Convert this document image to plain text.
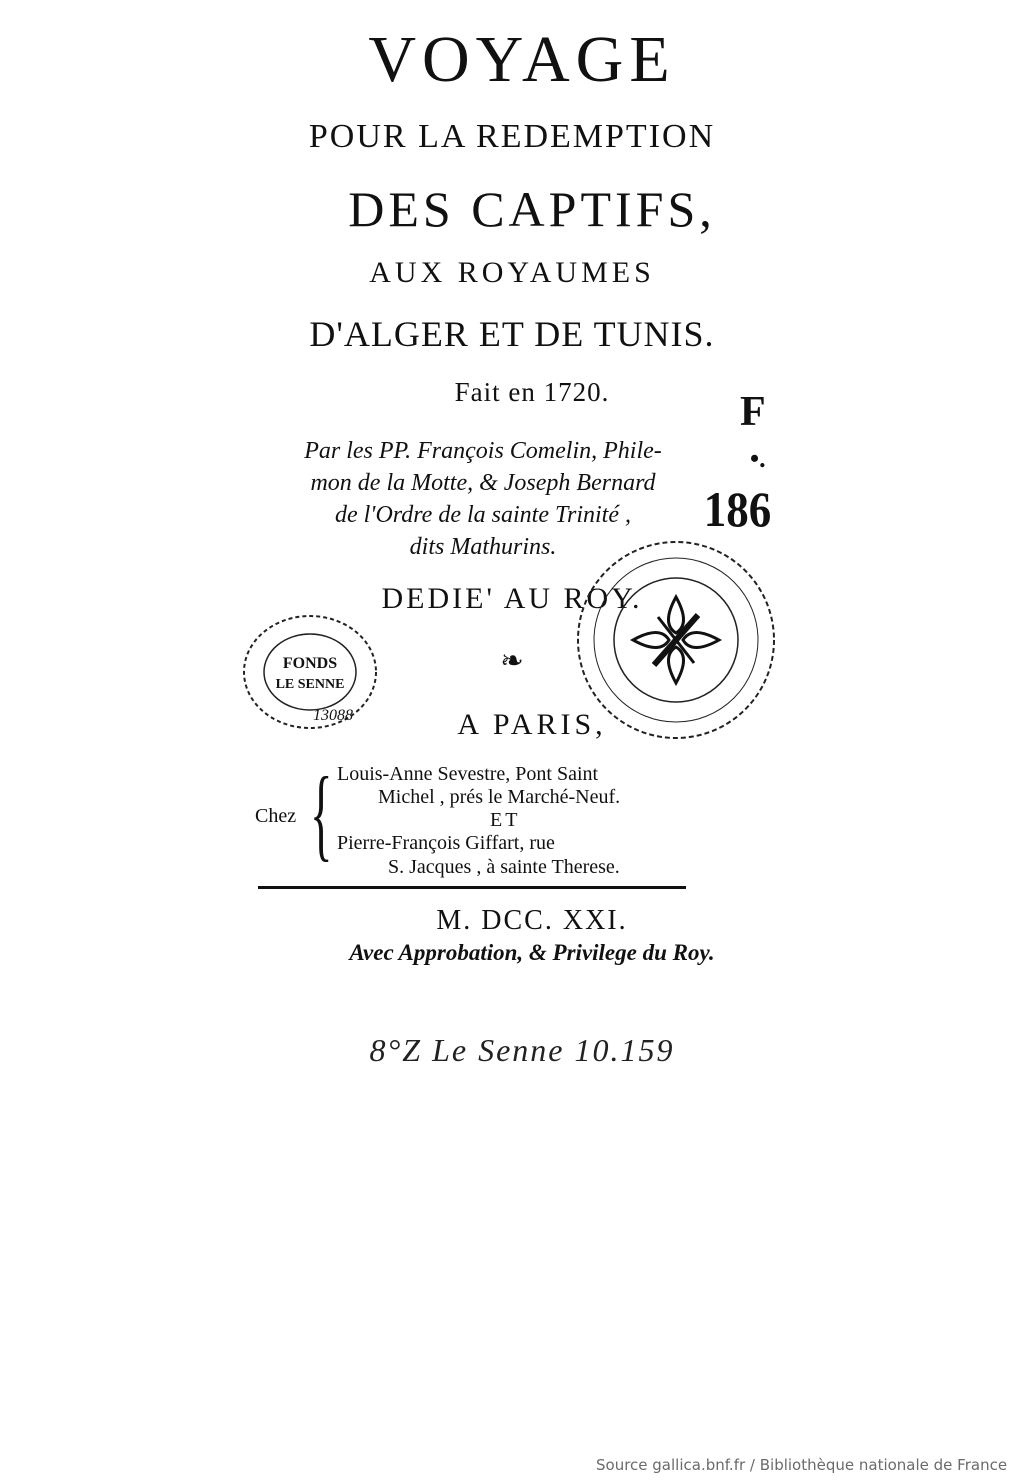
VOYAGE
POUR LA REDEMPTION
DES CAPTIFS,
AUX ROYAUMES
D'ALGER ET DE TUNIS.
Fait en 1720.
Par les PP. François Comelin, Phile-
mon de la Motte, & Joseph Bernard
de l'Ordre de la sainte Trinité ,
dits Mathurins.
DEDIE' AU ROY.
❧
A PARIS,
Chez { Louis-Anne Sevestre, Pont Saint
Michel , prés le Marché-Neuf.
ET
Pierre-François Giffart, rue
S. Jacques , à sainte Therese.
M. DCC. XXI.
Avec Approbation, & Privilege du Roy.
F
•.
186
FONDS
LE SENNE
13088
8°Z Le Senne 10.159
Source gallica.bnf.fr / Bibliothèque nationale de France
